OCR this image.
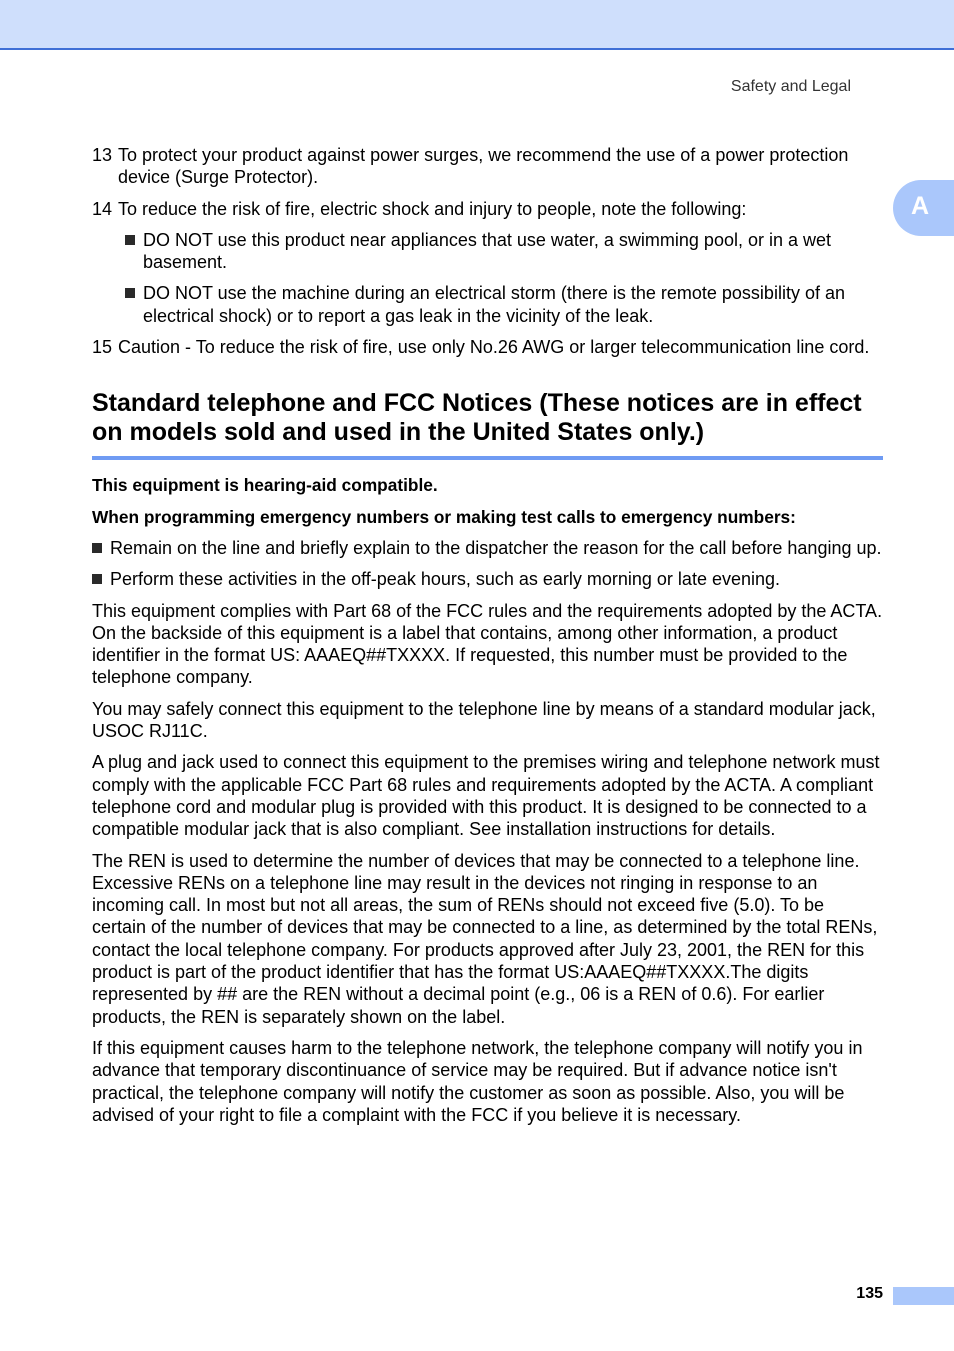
Safety and Legal
A
13 To protect your product against power surges, we recommend the use of a power protection device (Surge Protector).
14 To reduce the risk of fire, electric shock and injury to people, note the following:
DO NOT use this product near appliances that use water, a swimming pool, or in a wet basement.
DO NOT use the machine during an electrical storm (there is the remote possibility of an electrical shock) or to report a gas leak in the vicinity of the leak.
15 Caution - To reduce the risk of fire, use only No.26 AWG or larger telecommunication line cord.
Standard telephone and FCC Notices (These notices are in effect on models sold and used in the United States only.)
This equipment is hearing-aid compatible.
When programming emergency numbers or making test calls to emergency numbers:
Remain on the line and briefly explain to the dispatcher the reason for the call before hanging up.
Perform these activities in the off-peak hours, such as early morning or late evening.

This equipment complies with Part 68 of the FCC rules and the requirements adopted by the ACTA. On the backside of this equipment is a label that contains, among other information, a product identifier in the format US: AAAEQ##TXXXX. If requested, this number must be provided to the telephone company.

You may safely connect this equipment to the telephone line by means of a standard modular jack, USOC RJ11C.

A plug and jack used to connect this equipment to the premises wiring and telephone network must comply with the applicable FCC Part 68 rules and requirements adopted by the ACTA. A compliant telephone cord and modular plug is provided with this product. It is designed to be connected to a compatible modular jack that is also compliant. See installation instructions for details.

The REN is used to determine the number of devices that may be connected to a telephone line. Excessive RENs on a telephone line may result in the devices not ringing in response to an incoming call. In most but not all areas, the sum of RENs should not exceed five (5.0). To be certain of the number of devices that may be connected to a line, as determined by the total RENs, contact the local telephone company. For products approved after July 23, 2001, the REN for this product is part of the product identifier that has the format US:AAAEQ##TXXXX.The digits represented by ## are the REN without a decimal point (e.g., 06 is a REN of 0.6). For earlier products, the REN is separately shown on the label.

If this equipment causes harm to the telephone network, the telephone company will notify you in advance that temporary discontinuance of service may be required. But if advance notice isn't practical, the telephone company will notify the customer as soon as possible. Also, you will be advised of your right to file a complaint with the FCC if you believe it is necessary.

135
